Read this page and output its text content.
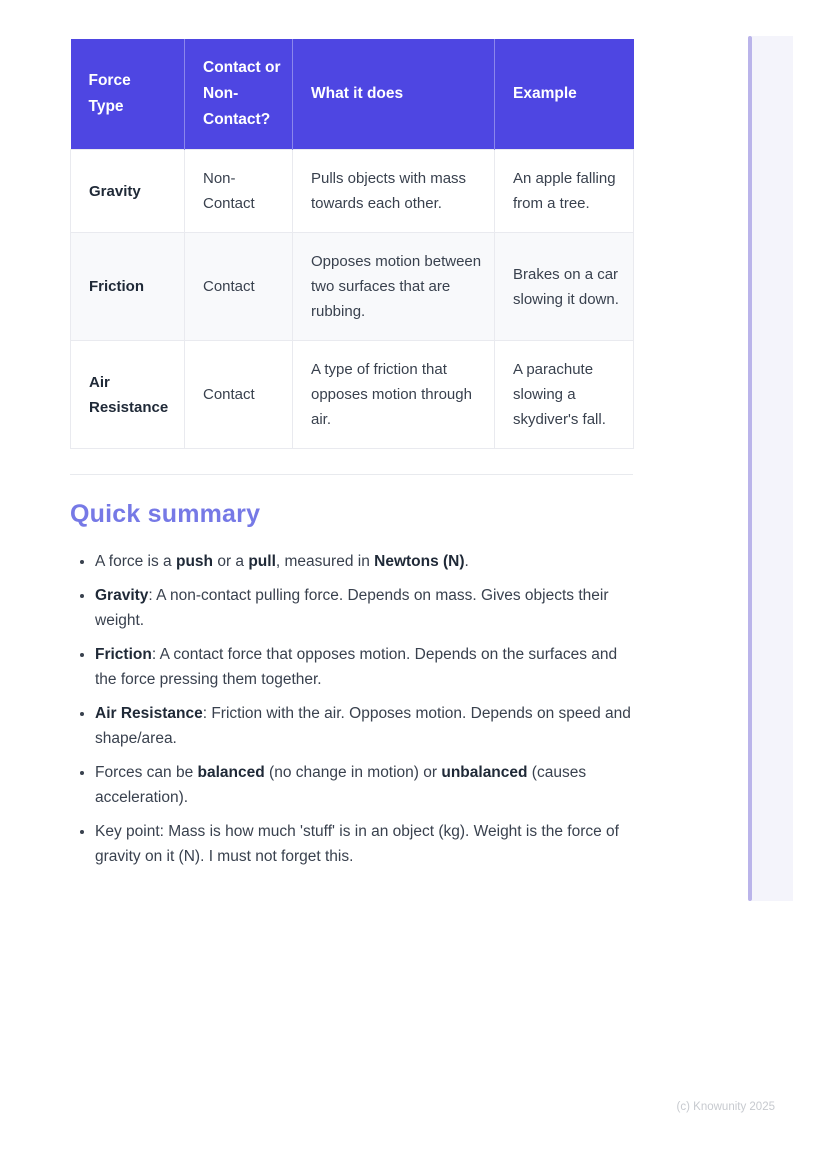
Force Type	Contact or Non-Contact?	What it does	Example
Gravity	Non-Contact	Pulls objects with mass towards each other.	An apple falling from a tree.
Friction	Contact	Opposes motion between two surfaces that are rubbing.	Brakes on a car slowing it down.
Air Resistance	Contact	A type of friction that opposes motion through air.	A parachute slowing a skydiver's fall.
Quick summary
• A force is a push or a pull, measured in Newtons (N).
• Gravity: A non-contact pulling force. Depends on mass. Gives objects their weight.
• Friction: A contact force that opposes motion. Depends on the surfaces and the force pressing them together.
• Air Resistance: Friction with the air. Opposes motion. Depends on speed and shape/area.
• Forces can be balanced (no change in motion) or unbalanced (causes acceleration).
• Key point: Mass is how much 'stuff' is in an object (kg). Weight is the force of gravity on it (N). I must not forget this.
(c) Knowunity 2025
